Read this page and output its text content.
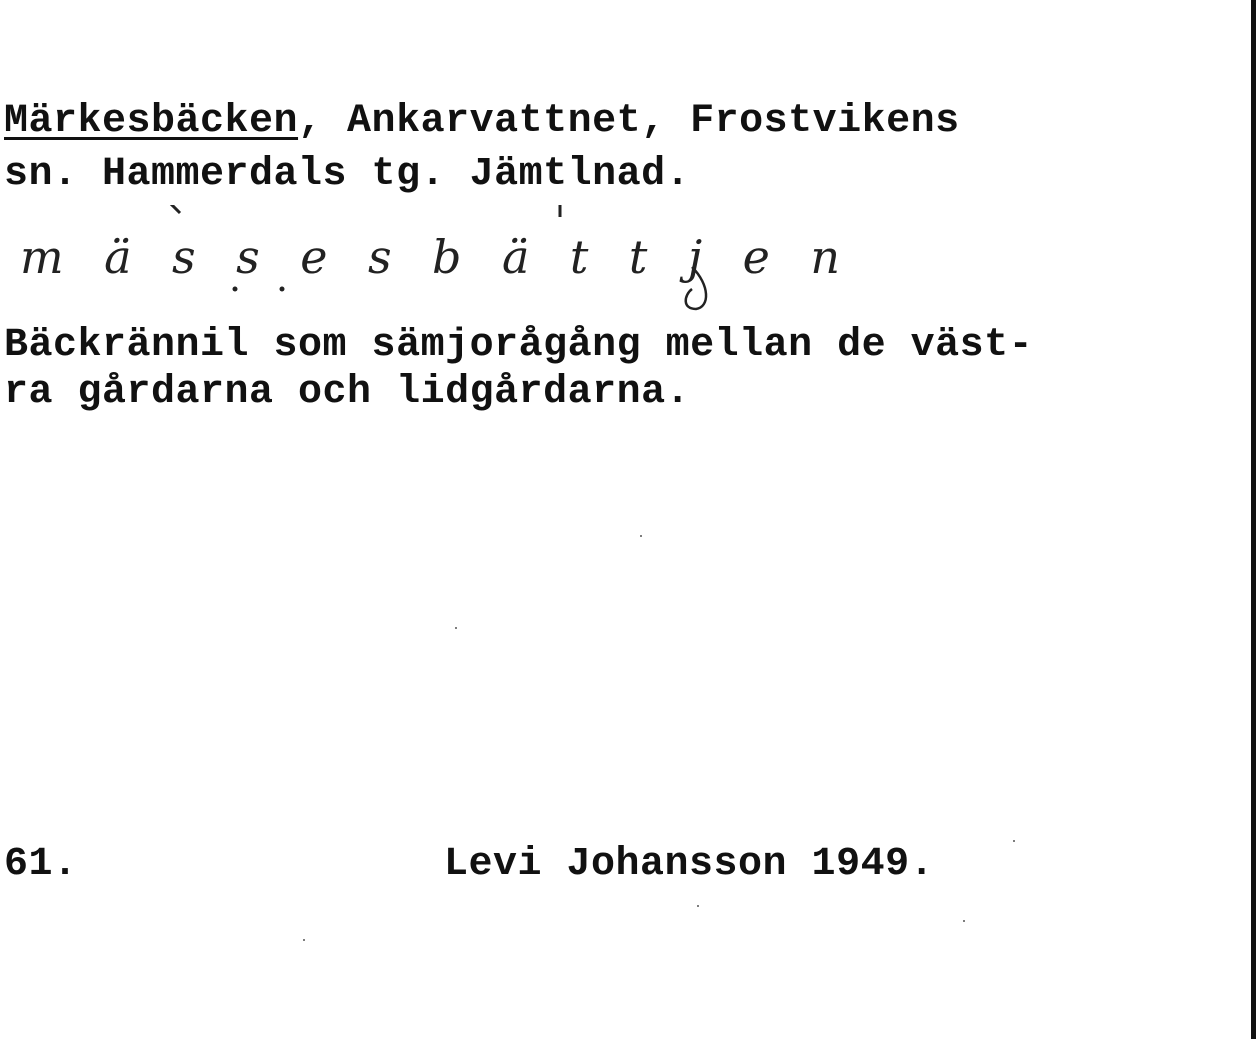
Märkesbäcken, Ankarvattnet, Frostvikens
sn. Hammerdals tg. Jämtlnad.
mässesbättjen
Bäckrännil som sämjorågång mellan de väst-
ra gårdarna och lidgårdarna.
61.	Levi Johansson 1949.
